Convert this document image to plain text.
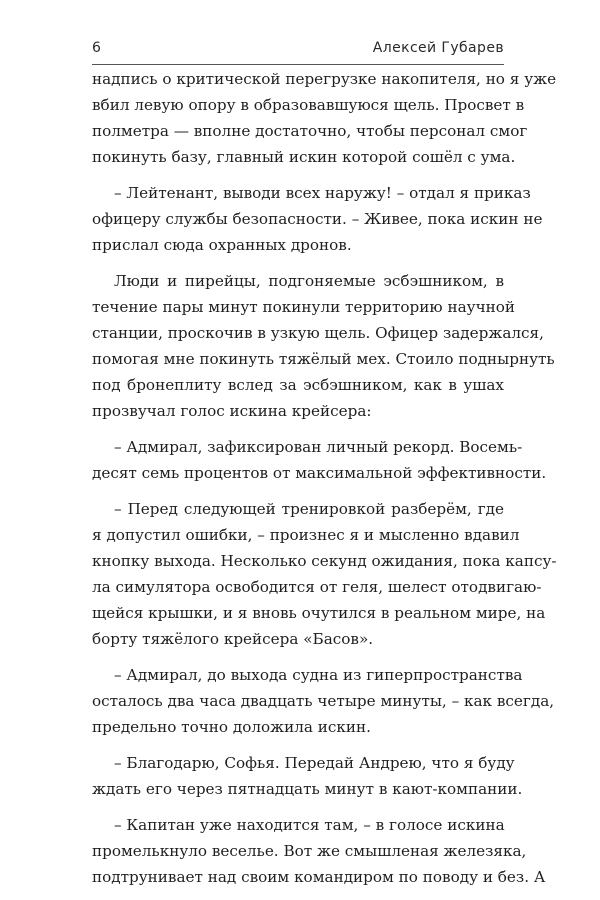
6	Алексей Губарев
надпись о критической перегрузке накопителя, но я уже
вбил левую опору в образовавшуюся щель. Просвет в
полметра — вполне достаточно, чтобы персонал смог
покинуть базу, главный искин которой сошёл с ума.
– Лейтенант, выводи всех наружу! – отдал я приказ
офицеру службы безопасности. – Живее, пока искин не
прислал сюда охранных дронов.
Люди и пирейцы, подгоняемые эсбэшником, в
течение пары минут покинули территорию научной
станции, проскочив в узкую щель. Офицер задержался,
помогая мне покинуть тяжёлый мех. Стоило поднырнуть
под бронеплиту вслед за эсбэшником, как в ушах
прозвучал голос искина крейсера:
– Адмирал, зафиксирован личный рекорд. Восемь-
десят семь процентов от максимальной эффективности.
– Перед следующей тренировкой разберём, где
я допустил ошибки, – произнес я и мысленно вдавил
кнопку выхода. Несколько секунд ожидания, пока капсу-
ла симулятора освободится от геля, шелест отодвигаю-
щейся крышки, и я вновь очутился в реальном мире, на
борту тяжёлого крейсера «Басов».
– Адмирал, до выхода судна из гиперпространства
осталось два часа двадцать четыре минуты, – как всегда,
предельно точно доложила искин.
– Благодарю, Софья. Передай Андрею, что я буду
ждать его через пятнадцать минут в кают-компании.
– Капитан уже находится там, – в голосе искина
промелькнуло веселье. Вот же смышленая железяка,
подтрунивает над своим командиром по поводу и без. А
